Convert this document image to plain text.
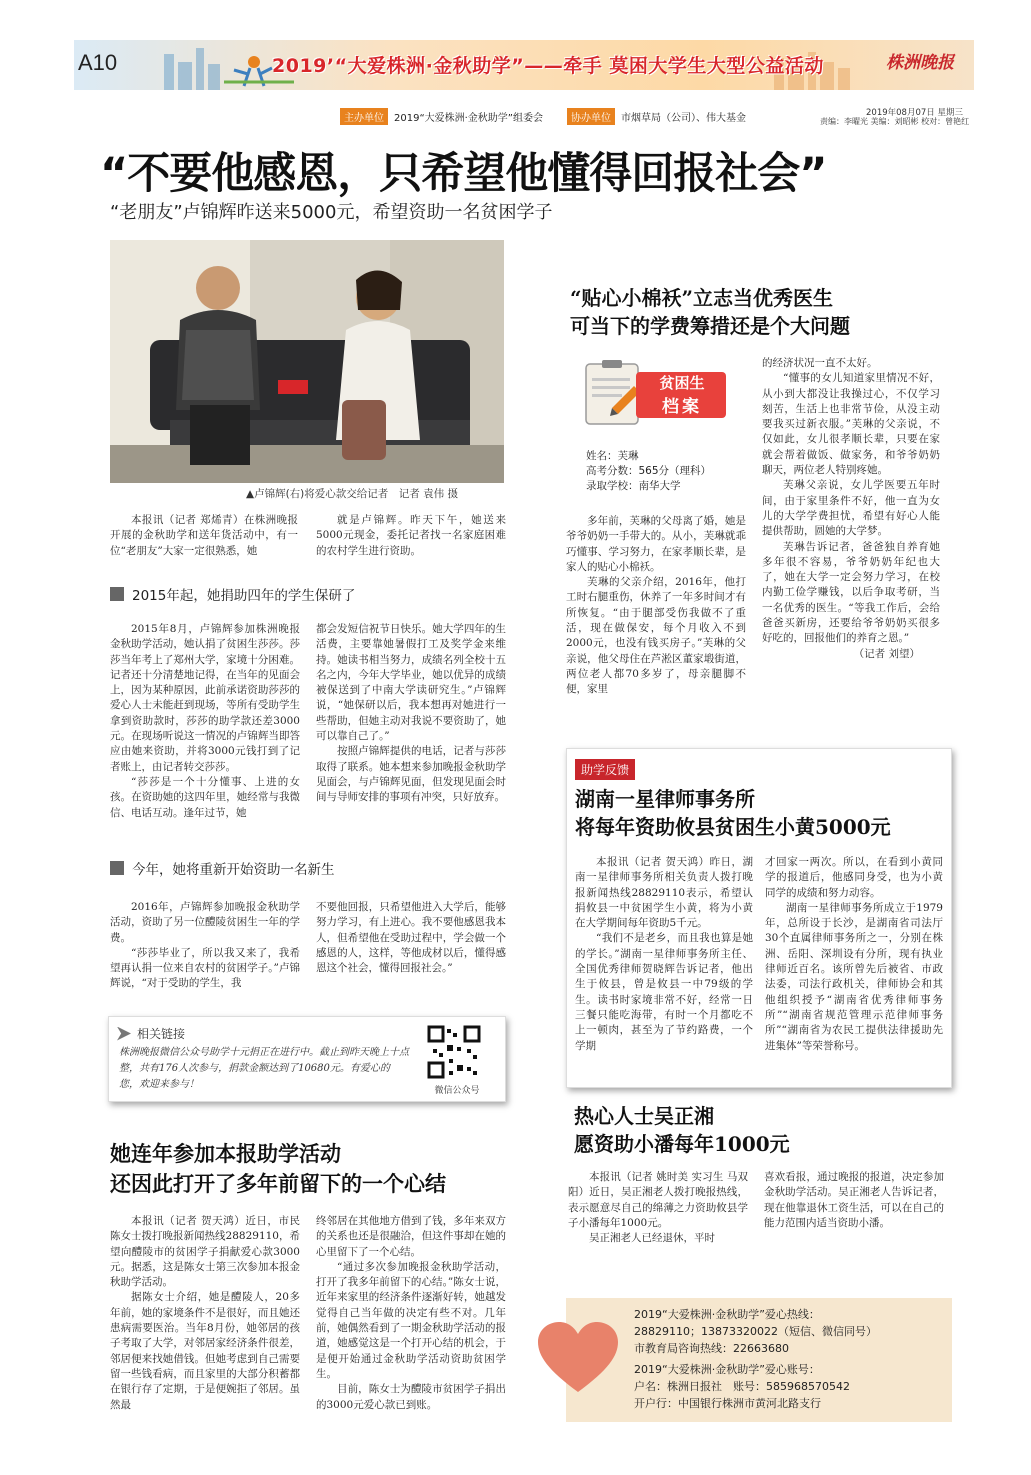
A10	2019’“大爱株洲·金秋助学”——牵手 莫困大学生大型公益活动	株洲晚报
主办单位	2019“大爱株洲·金秋助学”组委会	协办单位	市烟草局（公司）、伟大基金	2019年08月07日 星期三
责编：李曜光 美编：刘昭彬 校对：曾艳红
“不要他感恩，只希望他懂得回报社会”
“老朋友”卢锦辉昨送来5000元，希望资助一名贫困学子
▲卢锦辉(右)将爱心款交给记者　记者 袁伟 摄

本报讯（记者 郑烯青）在株洲晚报开展的金秋助学和送年货活动中，有一位“老朋友”大家一定很熟悉，她

就是卢锦辉。昨天下午，她送来5000元现金，委托记者找一名家庭困难的农村学生进行资助。

2015年起，她捐助四年的学生保研了

2015年8月，卢锦辉参加株洲晚报金秋助学活动，她认捐了贫困生莎莎。莎莎当年考上了郑州大学，家境十分困难。记者还十分清楚地记得，在当年的见面会上，因为某种原因，此前承诺资助莎莎的爱心人士未能赶到现场，等所有受助学生拿到资助款时，莎莎的助学款还差3000元。在现场听说这一情况的卢锦辉当即答应由她来资助，并将3000元钱打到了记者账上，由记者转交莎莎。

“莎莎是一个十分懂事、上进的女孩。在资助她的这四年里，她经常与我微信、电话互动。逢年过节，她

都会发短信祝节日快乐。她大学四年的生活费，主要靠她暑假打工及奖学金来维持。她读书相当努力，成绩名列全校十五名之内，今年大学毕业，她以优异的成绩被保送到了中南大学读研究生。”卢锦辉说，“她保研以后，我本想再对她进行一些帮助，但她主动对我说不要资助了，她可以靠自己了。”

按照卢锦辉提供的电话，记者与莎莎取得了联系。她本想来参加晚报金秋助学见面会，与卢锦辉见面，但发现见面会时间与导师安排的事项有冲突，只好放弃。

今年，她将重新开始资助一名新生

2016年，卢锦辉参加晚报金秋助学活动，资助了另一位醴陵贫困生一年的学费。

“莎莎毕业了，所以我又来了，我希望再认捐一位来自农村的贫困学子。”卢锦辉说，“对于受助的学生，我

不要他回报，只希望他进入大学后，能够努力学习，有上进心。我不要他感恩我本人，但希望他在受助过程中，学会做一个感恩的人，这样，等他成材以后，懂得感恩这个社会，懂得回报社会。”

相关链接
株洲晚报微信公众号助学十元捐正在进行中。截止到昨天晚上十点整，共有176人次参与，捐款金额达到了10680元。有爱心的您，欢迎来参与！
微信公众号
她连年参加本报助学活动
还因此打开了多年前留下的一个心结

本报讯（记者 贺天鸿）近日，市民陈女士拨打晚报新闻热线28829110，希望向醴陵市的贫困学子捐献爱心款3000元。据悉，这是陈女士第三次参加本报金秋助学活动。

据陈女士介绍，她是醴陵人，20多年前，她的家境条件不是很好，而且她还患病需要医治。当年8月份，她邻居的孩子考取了大学，对邻居家经济条件很差，邻居便来找她借钱。但她考虑到自己需要留一些钱看病，而且家里的大部分积蓄都在银行存了定期，于是便婉拒了邻居。虽然最

终邻居在其他地方借到了钱，多年来双方的关系也还是很融洽，但这件事却在她的心里留下了一个心结。

“通过多次参加晚报金秋助学活动，打开了我多年前留下的心结。”陈女士说，近年来家里的经济条件逐渐好转，她越发觉得自己当年做的决定有些不对。几年前，她偶然看到了一期金秋助学活动的报道，她感觉这是一个打开心结的机会，于是便开始通过金秋助学活动资助贫困学生。

目前，陈女士为醴陵市贫困学子捐出的3000元爱心款已到账。

“贴心小棉袄”立志当优秀医生
可当下的学费筹措还是个大问题
贫困生
档案
姓名：芙琳
高考分数：565分（理科）
录取学校：南华大学

多年前，芙琳的父母离了婚，她是爷爷奶奶一手带大的。从小，芙琳就乖巧懂事、学习努力，在家孝顺长辈，是家人的贴心小棉袄。

芙琳的父亲介绍，2016年，他打工时右腿重伤，休养了一年多时间才有所恢复。“由于腿部受伤我做不了重活，现在做保安，每个月收入不到2000元，也没有钱买房子。”芙琳的父亲说，他父母住在芦淞区董家塅街道，两位老人都70多岁了，母亲腿脚不便，家里

的经济状况一直不太好。

“懂事的女儿知道家里情况不好，从小到大都没让我操过心，不仅学习刻苦，生活上也非常节俭，从没主动要我买过新衣服。”芙琳的父亲说，不仅如此，女儿很孝顺长辈，只要在家就会帮着做饭、做家务，和爷爷奶奶聊天，两位老人特别疼她。

芙琳父亲说，女儿学医要五年时间，由于家里条件不好，他一直为女儿的大学学费担忧，希望有好心人能提供帮助，圆她的大学梦。

芙琳告诉记者，爸爸独自养育她多年很不容易，爷爷奶奶年纪也大了，她在大学一定会努力学习，在校内勤工俭学赚钱，以后争取考研，当一名优秀的医生。“等我工作后，会给爸爸买新房，还要给爷爷奶奶买很多好吃的，回报他们的养育之恩。”

（记者 刘望）
助学反馈
湖南一星律师事务所
将每年资助攸县贫困生小黄5000元

本报讯（记者 贺天鸿）昨日，湖南一星律师事务所相关负责人拨打晚报新闻热线28829110表示，希望认捐攸县一中贫困学生小黄，将为小黄在大学期间每年资助5千元。

“我们不是老乡，而且我也算是她的学长。”湖南一星律师事务所主任、全国优秀律师贺晓辉告诉记者，他出生于攸县，曾是攸县一中79级的学生。读书时家境非常不好，经常一日三餐只能吃海带，有时一个月都吃不上一顿肉，甚至为了节约路费，一个学期

才回家一两次。所以，在看到小黄同学的报道后，他感同身受，也为小黄同学的成绩和努力动容。

湖南一星律师事务所成立于1979年，总所设于长沙，是湖南省司法厅30个直属律师事务所之一，分别在株洲、岳阳、深圳设有分所，现有执业律师近百名。该所曾先后被省、市政法委，司法行政机关，律师协会和其他组织授予“湖南省优秀律师事务所”“湖南省规范管理示范律师事务所”“湖南省为农民工提供法律援助先进集体”等荣誉称号。

热心人士吴正湘
愿资助小潘每年1000元

本报讯（记者 姚时美 实习生 马双阳）近日，吴正湘老人拨打晚报热线，表示愿意尽自己的绵薄之力资助攸县学子小潘每年1000元。

吴正湘老人已经退休，平时

喜欢看报，通过晚报的报道，决定参加金秋助学活动。吴正湘老人告诉记者，现在他靠退休工资生活，可以在自己的能力范围内适当资助小潘。

2019“大爱株洲·金秋助学”爱心热线：
28829110；13873320022（短信、微信同号）
市教育局咨询热线：22663680
2019“大爱株洲·金秋助学”爱心账号：
户名：株洲日报社　账号：585968570542
开户行：中国银行株洲市黄河北路支行
